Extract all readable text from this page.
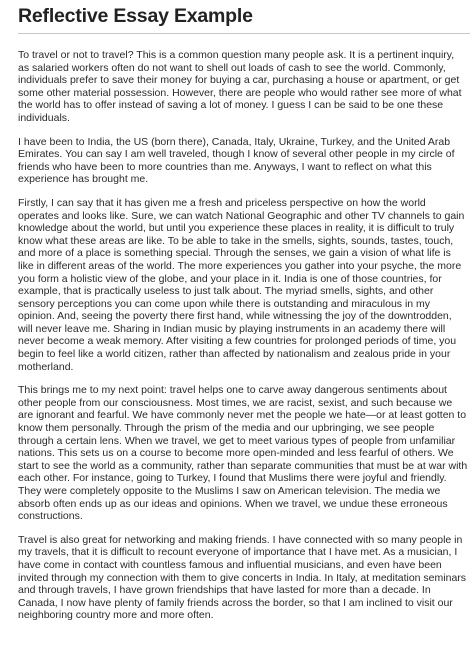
Reflective Essay Example

To travel or not to travel? This is a common question many people ask. It is a pertinent inquiry, as salaried workers often do not want to shell out loads of cash to see the world. Commonly, individuals prefer to save their money for buying a car, purchasing a house or apartment, or get some other material possession. However, there are people who would rather see more of what the world has to offer instead of saving a lot of money. I guess I can be said to be one these individuals.

I have been to India, the US (born there), Canada, Italy, Ukraine, Turkey, and the United Arab Emirates. You can say I am well traveled, though I know of several other people in my circle of friends who have been to more countries than me. Anyways, I want to reflect on what this experience has brought me.

Firstly, I can say that it has given me a fresh and priceless perspective on how the world operates and looks like. Sure, we can watch National Geographic and other TV channels to gain knowledge about the world, but until you experience these places in reality, it is difficult to truly know what these areas are like. To be able to take in the smells, sights, sounds, tastes, touch, and more of a place is something special. Through the senses, we gain a vision of what life is like in different areas of the world. The more experiences you gather into your psyche, the more you form a holistic view of the globe, and your place in it. India is one of those countries, for example, that is practically useless to just talk about. The myriad smells, sights, and other sensory perceptions you can come upon while there is outstanding and miraculous in my opinion. And, seeing the poverty there first hand, while witnessing the joy of the downtrodden, will never leave me. Sharing in Indian music by playing instruments in an academy there will never become a weak memory. After visiting a few countries for prolonged periods of time, you begin to feel like a world citizen, rather than affected by nationalism and zealous pride in your motherland.

This brings me to my next point: travel helps one to carve away dangerous sentiments about other people from our consciousness. Most times, we are racist, sexist, and such because we are ignorant and fearful. We have commonly never met the people we hate—or at least gotten to know them personally. Through the prism of the media and our upbringing, we see people through a certain lens. When we travel, we get to meet various types of people from unfamiliar nations. This sets us on a course to become more open-minded and less fearful of others. We start to see the world as a community, rather than separate communities that must be at war with each other. For instance, going to Turkey, I found that Muslims there were joyful and friendly. They were completely opposite to the Muslims I saw on American television. The media we absorb often ends up as our ideas and opinions. When we travel, we undue these erroneous constructions.

Travel is also great for networking and making friends. I have connected with so many people in my travels, that it is difficult to recount everyone of importance that I have met. As a musician, I have come in contact with countless famous and influential musicians, and even have been invited through my connection with them to give concerts in India. In Italy, at meditation seminars and through travels, I have grown friendships that have lasted for more than a decade. In Canada, I now have plenty of family friends across the border, so that I am inclined to visit our neighboring country more and more often.
